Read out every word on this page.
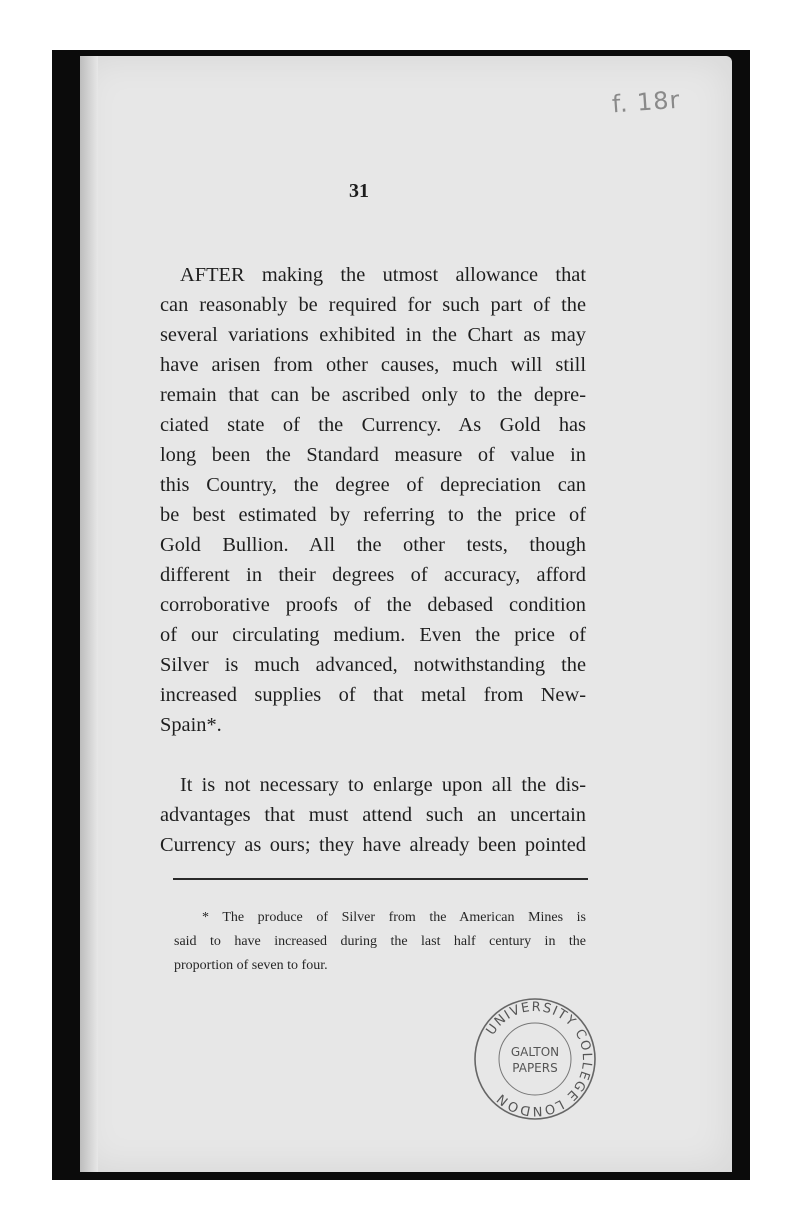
f. 18r
31
AFTER making the utmost allowance that
can reasonably be required for such part of the
several variations exhibited in the Chart as may
have arisen from other causes, much will still
remain that can be ascribed only to the depre-
ciated state of the Currency. As Gold has
long been the Standard measure of value in
this Country, the degree of depreciation can
be best estimated by referring to the price of
Gold Bullion. All the other tests, though
different in their degrees of accuracy, afford
corroborative proofs of the debased condition
of our circulating medium. Even the price of
Silver is much advanced, notwithstanding the
increased supplies of that metal from New-
Spain*.
It is not necessary to enlarge upon all the dis-
advantages that must attend such an uncertain
Currency as ours; they have already been pointed
* The produce of Silver from the American Mines is
said to have increased during the last half century in the
proportion of seven to four.
UNIVERSITY COLLEGE LONDON
GALTON
PAPERS
